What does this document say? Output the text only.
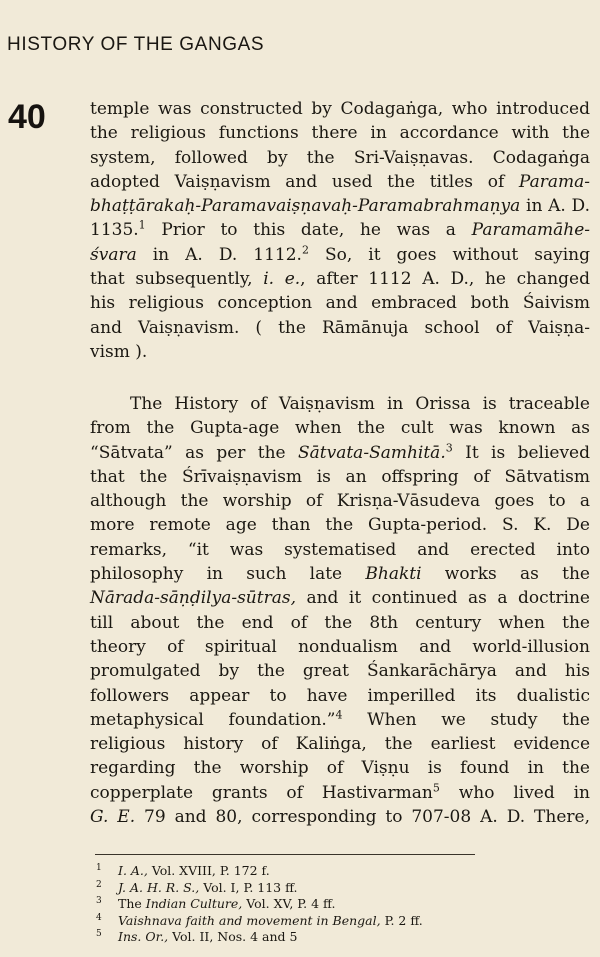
HISTORY OF THE GANGAS
40	temple was constructed by Codagaṅga, who introduced
the religious functions there in accordance with the
system, followed by the Sri-Vaiṣṇavas. Codagaṅga
adopted Vaiṣṇavism and used the titles of Parama-
bhaṭṭārakaḥ-Paramavaiṣṇavaḥ-Paramabrahmaṇya in A. D.
1135.$^1$ Prior to this date, he was a Paramamāhe-
śvara in A. D. 1112.$^2$ So, it goes without saying
that subsequently, i. e., after 1112 A. D., he changed
his religious conception and embraced both Śaivism
and Vaiṣṇavism. ( the Rāmānuja school of Vaiṣṇa-
vism ).
The History of Vaiṣṇavism in Orissa is traceable
from the Gupta-age when the cult was known as
“Sātvata” as per the Sātvata-Samhitā.$^3$ It is believed
that the Śrīvaiṣṇavism is an offspring of Sātvatism
although the worship of Krisṇa-Vāsudeva goes to a
more remote age than the Gupta-period. S. K. De
remarks, “it was systematised and erected into
philosophy in such late Bhakti works as the
Nārada-sāṇḍilya-sūtras, and it continued as a doctrine
till about the end of the 8th century when the
theory of spiritual nondualism and world-illusion
promulgated by the great Śankarāchārya and his
followers appear to have imperilled its dualistic
metaphysical foundation.”$^4$ When we study the
religious history of Kaliṅga, the earliest evidence
regarding the worship of Viṣṇu is found in the
copperplate grants of Hastivarman$^5$ who lived in
G. E. 79 and 80, corresponding to 707-08 A. D. There,
1 I. A., Vol. XVIII, P. 172 f.
2 J. A. H. R. S., Vol. I, P. 113 ff.
3 The Indian Culture, Vol. XV, P. 4 ff.
4 Vaishnava faith and movement in Bengal, P. 2 ff.
5 Ins. Or., Vol. II, Nos. 4 and 5
